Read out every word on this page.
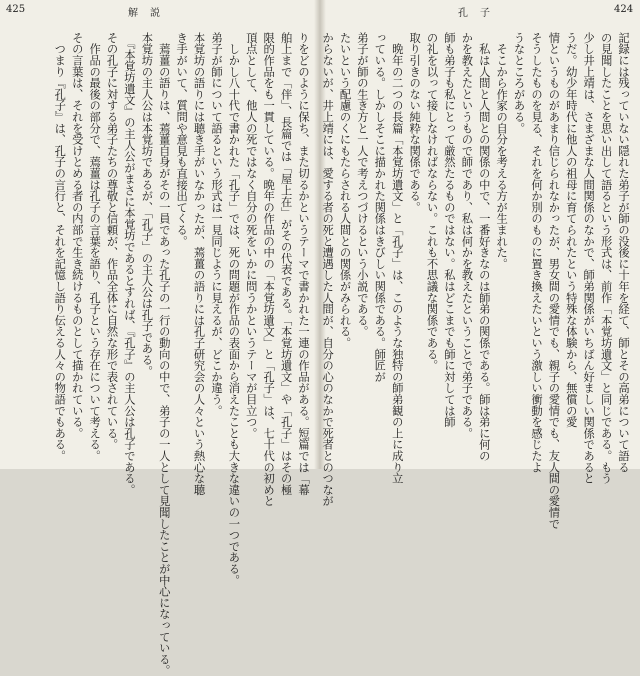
425	解説
りをどのように保ち、また切るかというテーマで書かれた一連の作品がある。短篇では「幕
舶上まで「伴」、長篇では「屋上在」がその代表である。「本覚坊遺文」や「孔子」はその極
限的作品をも一貫している。晩年の作品の中の「本覚坊遺文」と「孔子」は、七十代の初めと
頂点として、他人の死ではなく自分の死をいかに問うかというテーマが目立つ。
　しかし八十代で書かれた「孔子」では、死の問題が作品の表面から消えたことも大きな違いの一つである。
弟子が師について語るという形式は一見同じように見えるが、どこか違う。
本覚坊の語りには聴き手がいなかったが、蔫薑の語りには孔子研究会の人々という熱心な聴
き手がいて、質問や意見も直接出てくる。
　蔫薑の語りは、蔫薑自身がその一員であった孔子の一行の動向の中で、弟子の一人として見聞したことが中心になっている。
本覚坊の主人公は本覚坊であるが、「孔子」の主人公は孔子である。
　『本覚坊遺文』の主人公がまさに本覚坊であるとすれば、『孔子』の主人公は孔子である。
その孔子に対する弟子たちの尊敬と信頼が、作品全体に自然な形で表されている。
　作品の最後の部分で、蔫薑は孔子の言葉を語り、孔子という存在について考える。
その言葉は、それを受けとめる者の内部で生き続けるものとして描かれている。
　つまり『孔子』は、孔子の言行と、それを記憶し語り伝える人々の物語でもある。
孔子	424
記録には残っていない隠れた弟子が師の没後に十年を経て、師とその高弟について語る
の見聞したことを思い出して語るという形式は、前作「本覚坊遺文」と同じである。もう
少し井上靖は、さまざまな人間関係のなかで、師弟関係がいちばん好ましい関係であると
うだ。幼少年時代に他人の祖母に育てられたという特殊な体験から、無償の愛
情というものがあまり信じられなかったが、男女間の愛情でも、親子の愛情でも、友人間の愛情で
そうしたものを見る、それを何か別のものに置き換えたいという激しい衝動を感じたよ
うなところがある。
　そこから作家の自分を考える方が生まれた。
　私は人間と人間との関係の中で、一番好きなのは師弟の関係である。師は弟に何の
かを教えたというもので師であり、私は何かを教えたということで弟子である。
師も弟子も私にとって厳然たるものではない。私はどこまでも師に対しては師
の礼を以って接しなければならない。これも不思議な関係である。
取り引きのない純粋な関係である。
　晩年の二つの長篇「本覚坊遺文」と「孔子」は、このような独特の師弟観の上に成り立
っている。しかしそこに描かれた関係はきびしい関係である。師匠が
弟子が師の生き方と一人で考えつづけるという小説である。
たいという配慮のくにもたらされる人間との関係がみられる。
からないが、井上靖には、愛する者の死と遭遇した人間が、自分の心のなかで死者とのつなが
